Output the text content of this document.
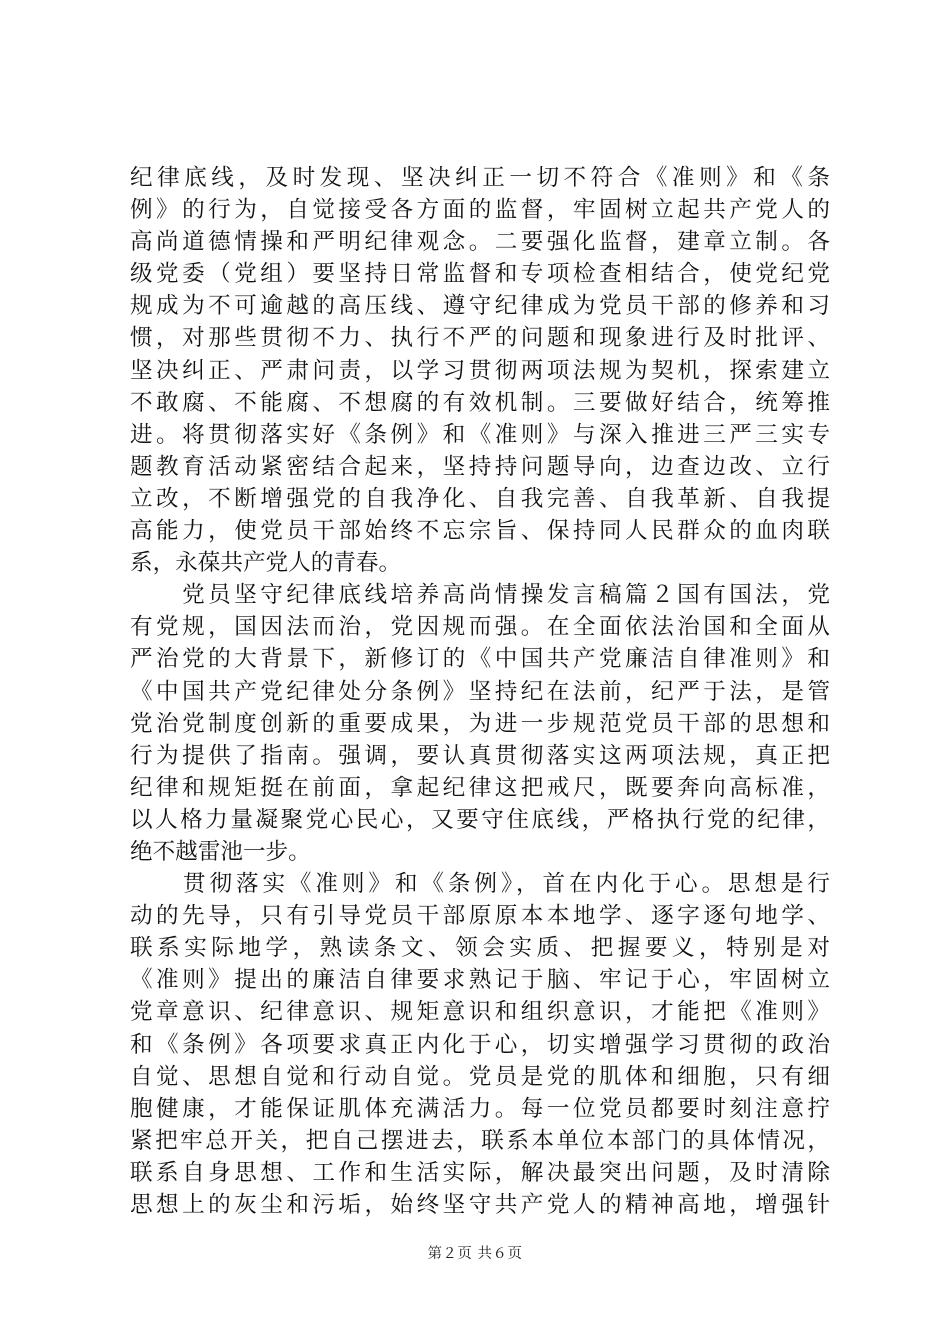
纪律底线，及时发现、坚决纠正一切不符合《准则》和《条
例》的行为，自觉接受各方面的监督，牢固树立起共产党人的
高尚道德情操和严明纪律观念。二要强化监督，建章立制。各
级党委（党组）要坚持日常监督和专项检查相结合，使党纪党
规成为不可逾越的高压线、遵守纪律成为党员干部的修养和习
惯，对那些贯彻不力、执行不严的问题和现象进行及时批评、
坚决纠正、严肃问责，以学习贯彻两项法规为契机，探索建立
不敢腐、不能腐、不想腐的有效机制。三要做好结合，统筹推
进。将贯彻落实好《条例》和《准则》与深入推进三严三实专
题教育活动紧密结合起来，坚持持问题导向，边查边改、立行
立改，不断增强党的自我净化、自我完善、自我革新、自我提
高能力，使党员干部始终不忘宗旨、保持同人民群众的血肉联
系，永葆共产党人的青春。
　　党员坚守纪律底线培养高尚情操发言稿篇２国有国法，党
有党规，国因法而治，党因规而强。在全面依法治国和全面从
严治党的大背景下，新修订的《中国共产党廉洁自律准则》和
《中国共产党纪律处分条例》坚持纪在法前，纪严于法，是管
党治党制度创新的重要成果，为进一步规范党员干部的思想和
行为提供了指南。强调，要认真贯彻落实这两项法规，真正把
纪律和规矩挺在前面，拿起纪律这把戒尺，既要奔向高标准，
以人格力量凝聚党心民心，又要守住底线，严格执行党的纪律，
绝不越雷池一步。
　　贯彻落实《准则》和《条例》，首在内化于心。思想是行
动的先导，只有引导党员干部原原本本地学、逐字逐句地学、
联系实际地学，熟读条文、领会实质、把握要义，特别是对
《准则》提出的廉洁自律要求熟记于脑、牢记于心，牢固树立
党章意识、纪律意识、规矩意识和组织意识，才能把《准则》
和《条例》各项要求真正内化于心，切实增强学习贯彻的政治
自觉、思想自觉和行动自觉。党员是党的肌体和细胞，只有细
胞健康，才能保证肌体充满活力。每一位党员都要时刻注意拧
紧把牢总开关，把自己摆进去，联系本单位本部门的具体情况，
联系自身思想、工作和生活实际，解决最突出问题，及时清除
思想上的灰尘和污垢，始终坚守共产党人的精神高地，增强针
第２页 共６页
